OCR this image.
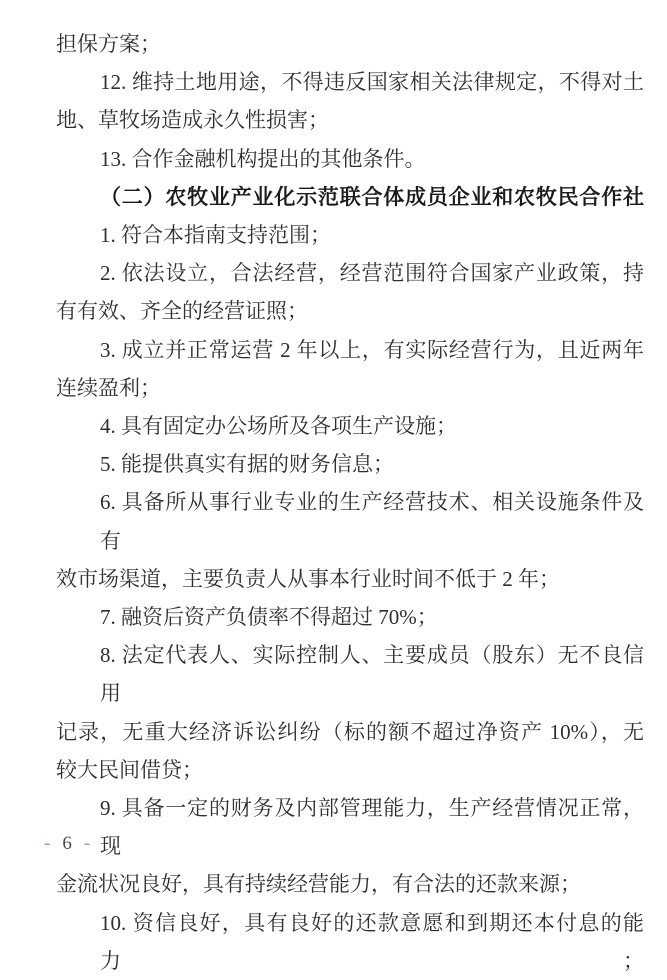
担保方案；
12. 维持土地用途，不得违反国家相关法律规定，不得对土
地、草牧场造成永久性损害；
13. 合作金融机构提出的其他条件。
（二）农牧业产业化示范联合体成员企业和农牧民合作社
1. 符合本指南支持范围；
2. 依法设立，合法经营，经营范围符合国家产业政策，持
有有效、齐全的经营证照；
3. 成立并正常运营 2 年以上，有实际经营行为，且近两年
连续盈利；
4. 具有固定办公场所及各项生产设施；
5. 能提供真实有据的财务信息；
6. 具备所从事行业专业的生产经营技术、相关设施条件及有
效市场渠道，主要负责人从事本行业时间不低于 2 年；
7. 融资后资产负债率不得超过 70%；
8. 法定代表人、实际控制人、主要成员（股东）无不良信用
记录，无重大经济诉讼纠纷（标的额不超过净资产 10%），无
较大民间借贷；
9. 具备一定的财务及内部管理能力，生产经营情况正常，现
金流状况良好，具有持续经营能力，有合法的还款来源；
10. 资信良好，具有良好的还款意愿和到期还本付息的能力；
- 6 -
